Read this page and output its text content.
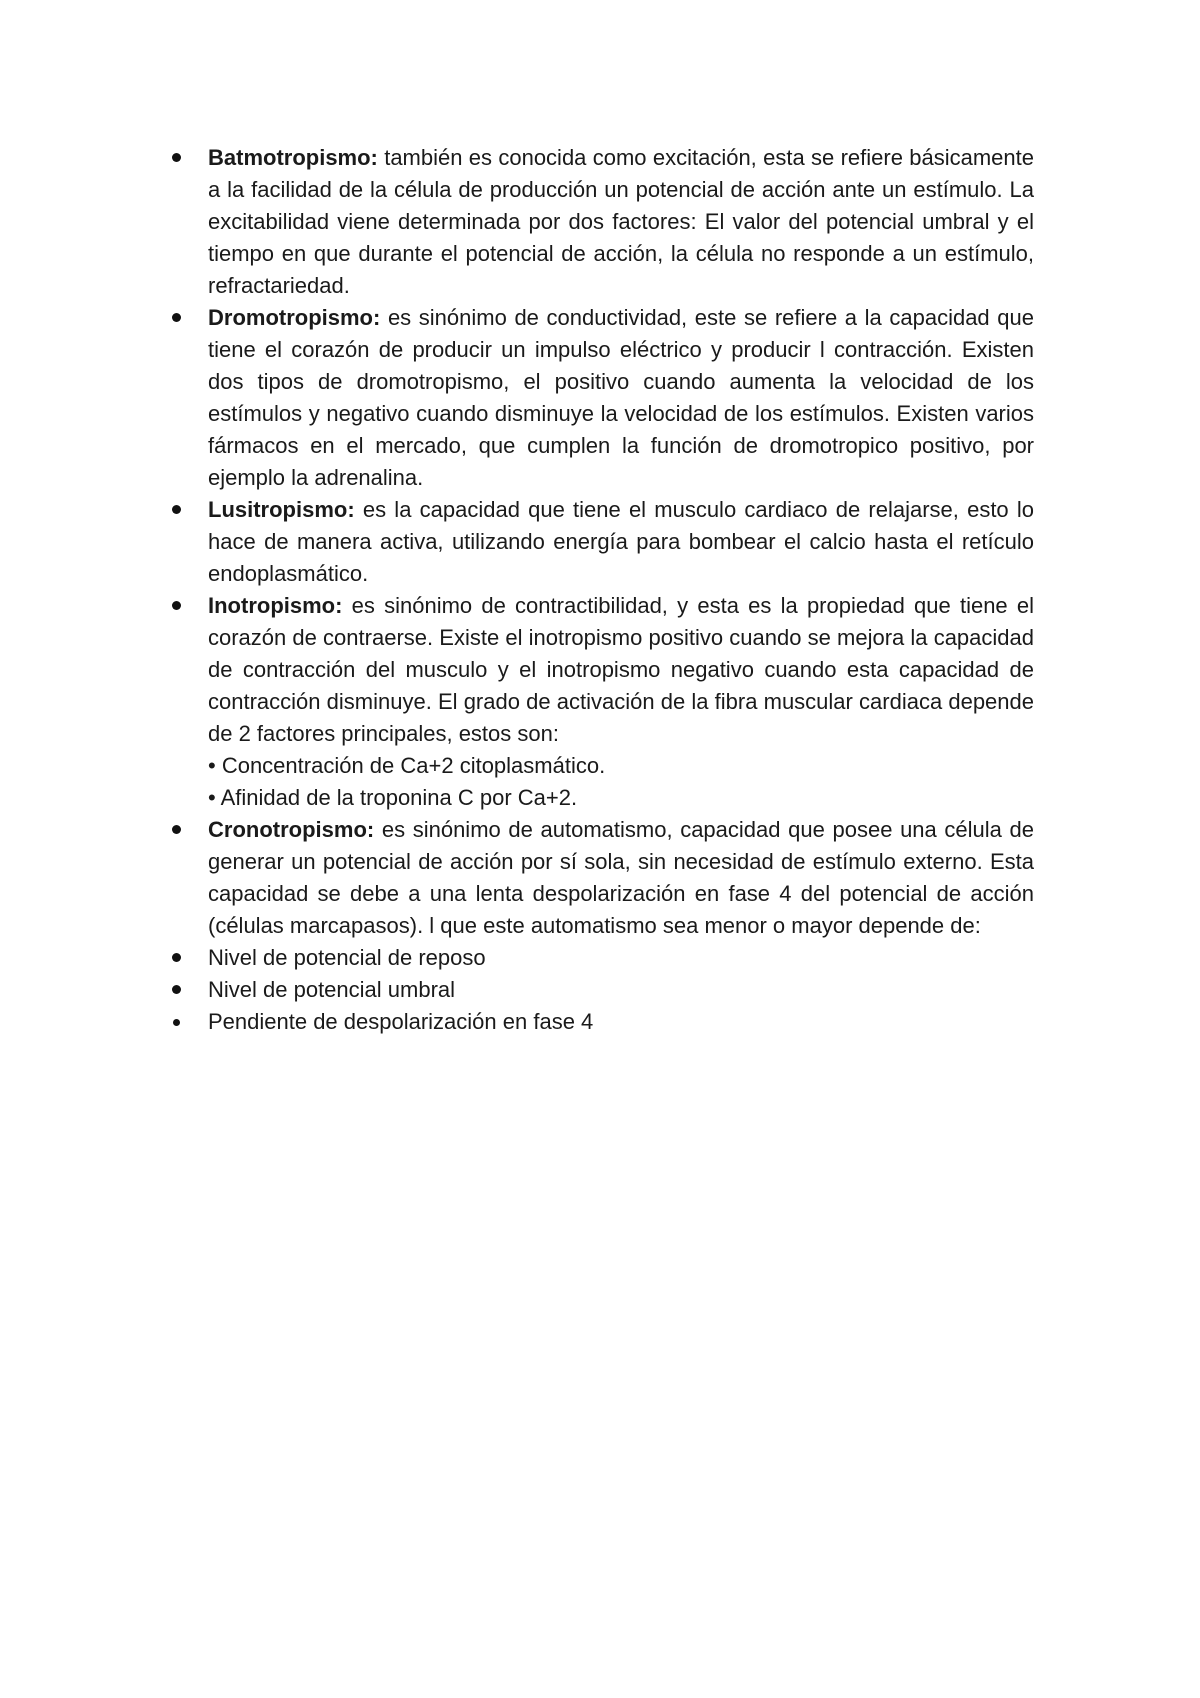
Batmotropismo: también es conocida como excitación, esta se refiere básicamente a la facilidad de la célula de producción un potencial de acción ante un estímulo. La excitabilidad viene determinada por dos factores: El valor del potencial umbral y el tiempo en que durante el potencial de acción, la célula no responde a un estímulo, refractariedad.
Dromotropismo: es sinónimo de conductividad, este se refiere a la capacidad que tiene el corazón de producir un impulso eléctrico y producir l contracción. Existen dos tipos de dromotropismo, el positivo cuando aumenta la velocidad de los estímulos y negativo cuando disminuye la velocidad de los estímulos. Existen varios fármacos en el mercado, que cumplen la función de dromotropico positivo, por ejemplo la adrenalina.
Lusitropismo: es la capacidad que tiene el musculo cardiaco de relajarse, esto lo hace de manera activa, utilizando energía para bombear el calcio hasta el retículo endoplasmático.
Inotropismo: es sinónimo de contractibilidad, y esta es la propiedad que tiene el corazón de contraerse. Existe el inotropismo positivo cuando se mejora la capacidad de contracción del musculo y el inotropismo negativo cuando esta capacidad de contracción disminuye. El grado de activación de la fibra muscular cardiaca depende de 2 factores principales, estos son:
• Concentración de Ca+2 citoplasmático.
• Afinidad de la troponina C por Ca+2.
Cronotropismo: es sinónimo de automatismo, capacidad que posee una célula de generar un potencial de acción por sí sola, sin necesidad de estímulo externo. Esta capacidad se debe a una lenta despolarización en fase 4 del potencial de acción (células marcapasos). l que este automatismo sea menor o mayor depende de:
Nivel de potencial de reposo
Nivel de potencial umbral
Pendiente de despolarización en fase 4
